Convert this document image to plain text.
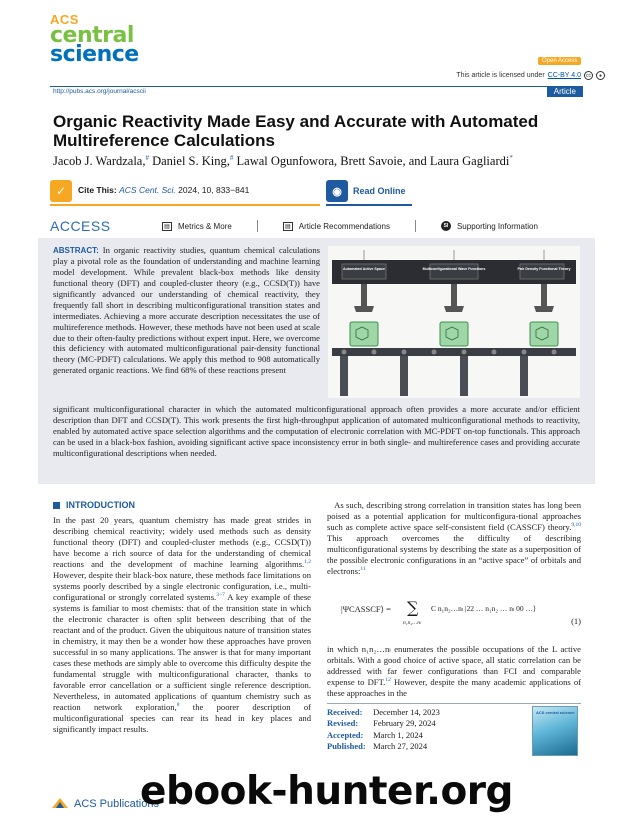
ACS
central
science	Open Access
This article is licensed under CC-BY 4.0	cc	●
http://pubs.acs.org/journal/acscii	Article
Organic Reactivity Made Easy and Accurate with Automated Multireference Calculations
Jacob J. Wardzala,# Daniel S. King,# Lawal Ogunfowora, Brett Savoie, and Laura Gagliardi*
✓	Cite This: ACS Cent. Sci. 2024, 10, 833−841	◉	Read Online
ACCESS	▤ Metrics & More	▤ Article Recommendations	SI	Supporting Information
ABSTRACT: In organic reactivity studies, quantum chemical calculations play a pivotal role as the foundation of understanding and machine learning model development. While prevalent black-box methods like density functional theory (DFT) and coupled-cluster theory (e.g., CCSD(T)) have significantly advanced our understanding of chemical reactivity, they frequently fall short in describing multiconfigurational transition states and intermediates. Achieving a more accurate description necessitates the use of multireference methods. However, these methods have not been used at scale due to their often-faulty predictions without expert input. Here, we overcome this deficiency with automated multiconfigurational pair-density functional theory (MC-PDFT) calculations. We apply this method to 908 automatically generated organic reactions. We find 68% of these reactions present
Automated Active Space	Multiconfigurational Wave Functions	Pair Density Functional Theory
significant multiconfigurational character in which the automated multiconfigurational approach often provides a more accurate and/or efficient description than DFT and CCSD(T). This work presents the first high-throughput application of automated multiconfigurational methods to reactivity, enabled by automated active space selection algorithms and the computation of electronic correlation with MC-PDFT on-top functionals. This approach can be used in a black-box fashion, avoiding significant active space inconsistency error in both single- and multireference cases and providing accurate multiconfigurational descriptions when needed.
INTRODUCTION
In the past 20 years, quantum chemistry has made great strides in describing chemical reactivity; widely used methods such as density functional theory (DFT) and coupled-cluster methods (e.g., CCSD(T)) have become a rich source of data for the understanding of chemical reactions and the development of machine learning algorithms.$^{1,2}$ However, despite their black-box nature, these methods face limitations on systems poorly described by a single electronic configuration, i.e., multi-configurational or strongly correlated systems.$^{3-7}$ A key example of these systems is familiar to most chemists: that of the transition state in which the electronic character is often split between describing that of the reactant and of the product. Given the ubiquitous nature of transition states in chemistry, it may then be a wonder how these approaches have proven successful in so many applications. The answer is that for many important cases these methods are simply able to overcome this difficulty despite the fundamental struggle with multiconfigurational character, thanks to favorable error cancellation or a sufficient single reference description. Nevertheless, in automated applications of quantum chemistry such as reaction network exploration,$^8$ the poorer description of multiconfigurational species can rear its head in key places and significantly impact results.
As such, describing strong correlation in transition states has long been poised as a potential application for multiconfigura-tional approaches such as complete active space self-consistent field (CASSCF) theory.$^{9,10}$ This approach overcomes the difficulty of describing multiconfigurational systems by describing the state as a superposition of the possible electronic configurations in an “active space” of orbitals and electrons:$^{11}$
|ΨCASSCF⟩ = ∑
n₁n₂…nₗ
C n₁n₂…nₗ |22 … n₁n₂ … nₗ 00 …⟩
(1)
in which n₁n₂…nₗ enumerates the possible occupations of the L active orbitals. With a good choice of active space, all static correlation can be addressed with far fewer configurations than FCI and comparable expense to DFT.$^{12}$ However, despite the many academic applications of these approaches in the
Received: December 14, 2023
Revised: February 29, 2024
Accepted: March 1, 2024
Published: March 27, 2024
ACS central science
ACS Publications
ebook-hunter.org
